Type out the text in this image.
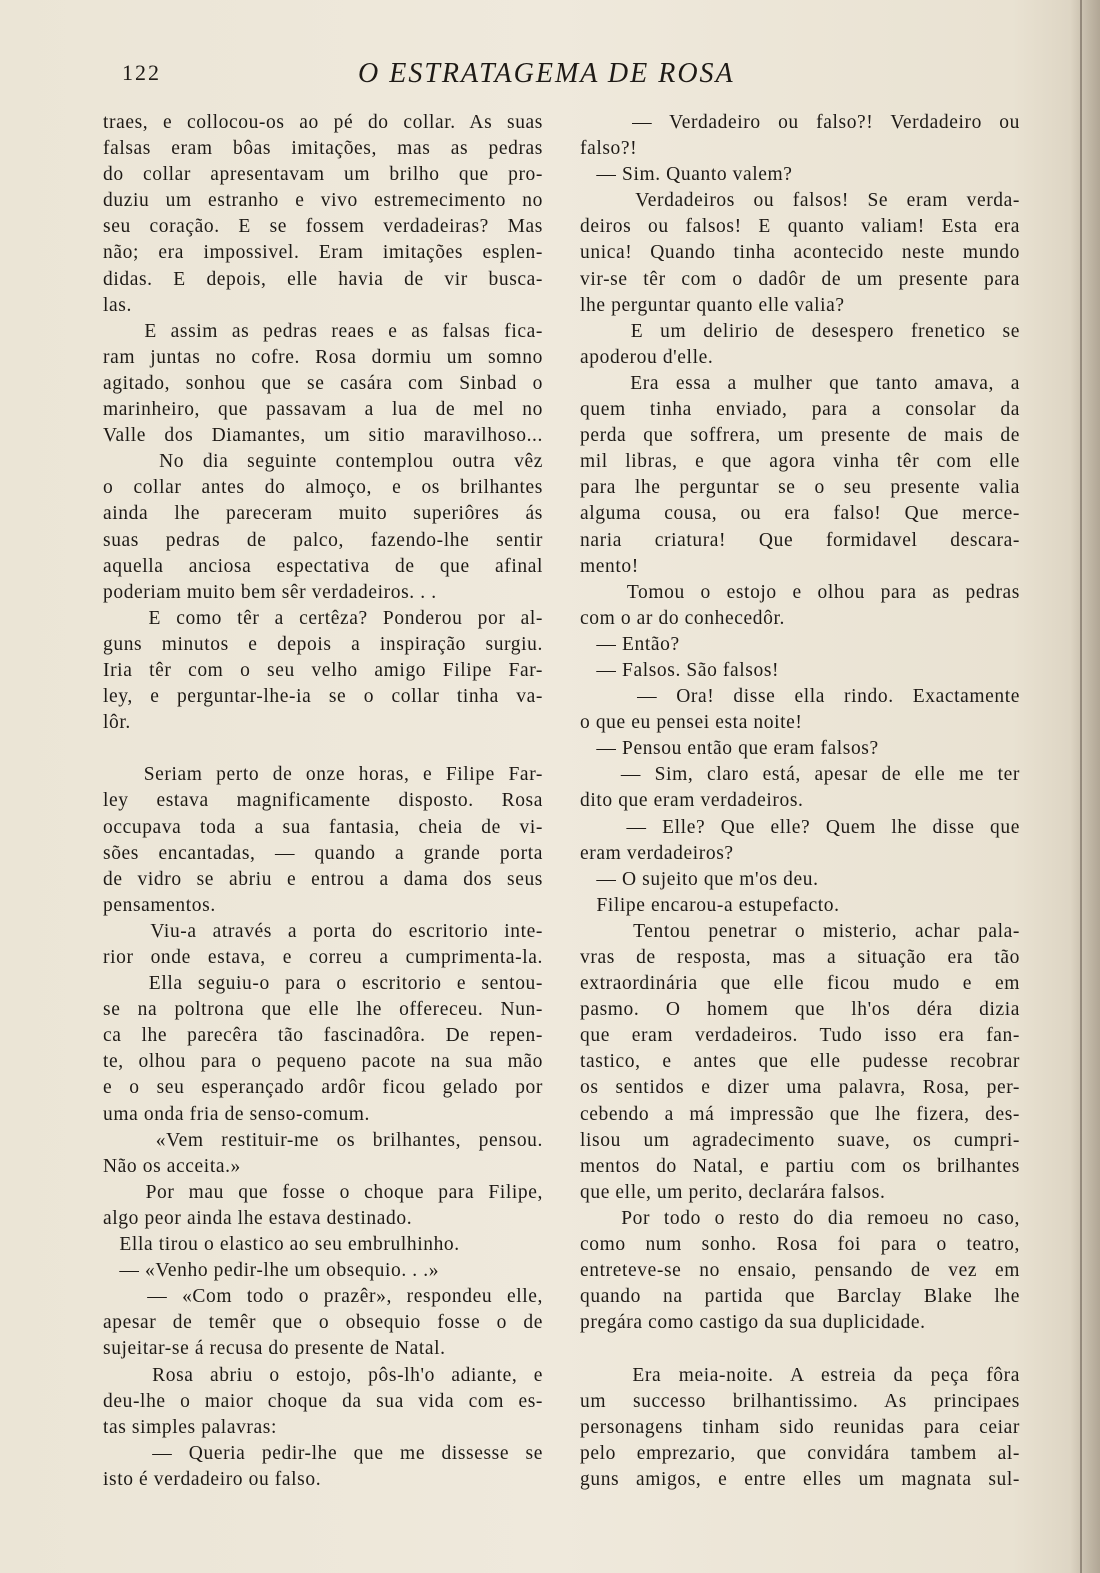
122	O ESTRATAGEMA DE ROSA
traes, e collocou-os ao pé do collar. As suas
falsas eram bôas imitações, mas as pedras
do collar apresentavam um brilho que pro-
duziu um estranho e vivo estremecimento no
seu coração. E se fossem verdadeiras? Mas
não; era impossivel. Eram imitações esplen-
didas. E depois, elle havia de vir busca-
las.
E assim as pedras reaes e as falsas fica-
ram juntas no cofre. Rosa dormiu um somno
agitado, sonhou que se casára com Sinbad o
marinheiro, que passavam a lua de mel no
Valle dos Diamantes, um sitio maravilhoso...
No dia seguinte contemplou outra vêz
o collar antes do almoço, e os brilhantes
ainda lhe pareceram muito superiôres ás
suas pedras de palco, fazendo-lhe sentir
aquella anciosa espectativa de que afinal
poderiam muito bem sêr verdadeiros. . .
E como têr a certêza? Ponderou por al-
guns minutos e depois a inspiração surgiu.
Iria têr com o seu velho amigo Filipe Far-
ley, e perguntar-lhe-ia se o collar tinha va-
lôr.
Seriam perto de onze horas, e Filipe Far-
ley estava magnificamente disposto. Rosa
occupava toda a sua fantasia, cheia de vi-
sões encantadas, — quando a grande porta
de vidro se abriu e entrou a dama dos seus
pensamentos.
Viu-a através a porta do escritorio inte-
rior onde estava, e correu a cumprimenta-la.
Ella seguiu-o para o escritorio e sentou-
se na poltrona que elle lhe offereceu. Nun-
ca lhe parecêra tão fascinadôra. De repen-
te, olhou para o pequeno pacote na sua mão
e o seu esperançado ardôr ficou gelado por
uma onda fria de senso-comum.
«Vem restituir-me os brilhantes, pensou.
Não os acceita.»
Por mau que fosse o choque para Filipe,
algo peor ainda lhe estava destinado.
Ella tirou o elastico ao seu embrulhinho.
— «Venho pedir-lhe um obsequio. . .»
— «Com todo o prazêr», respondeu elle,
apesar de temêr que o obsequio fosse o de
sujeitar-se á recusa do presente de Natal.
Rosa abriu o estojo, pôs-lh'o adiante, e
deu-lhe o maior choque da sua vida com es-
tas simples palavras:
— Queria pedir-lhe que me dissesse se
isto é verdadeiro ou falso.
— Verdadeiro ou falso?! Verdadeiro ou
falso?!
— Sim. Quanto valem?
Verdadeiros ou falsos! Se eram verda-
deiros ou falsos! E quanto valiam! Esta era
unica! Quando tinha acontecido neste mundo
vir-se têr com o dadôr de um presente para
lhe perguntar quanto elle valia?
E um delirio de desespero frenetico se
apoderou d'elle.
Era essa a mulher que tanto amava, a
quem tinha enviado, para a consolar da
perda que soffrera, um presente de mais de
mil libras, e que agora vinha têr com elle
para lhe perguntar se o seu presente valia
alguma cousa, ou era falso! Que merce-
naria criatura! Que formidavel descara-
mento!
Tomou o estojo e olhou para as pedras
com o ar do conhecedôr.
— Então?
— Falsos. São falsos!
— Ora! disse ella rindo. Exactamente
o que eu pensei esta noite!
— Pensou então que eram falsos?
— Sim, claro está, apesar de elle me ter
dito que eram verdadeiros.
— Elle? Que elle? Quem lhe disse que
eram verdadeiros?
— O sujeito que m'os deu.
Filipe encarou-a estupefacto.
Tentou penetrar o misterio, achar pala-
vras de resposta, mas a situação era tão
extraordinária que elle ficou mudo e em
pasmo. O homem que lh'os déra dizia
que eram verdadeiros. Tudo isso era fan-
tastico, e antes que elle pudesse recobrar
os sentidos e dizer uma palavra, Rosa, per-
cebendo a má impressão que lhe fizera, des-
lisou um agradecimento suave, os cumpri-
mentos do Natal, e partiu com os brilhantes
que elle, um perito, declarára falsos.
Por todo o resto do dia remoeu no caso,
como num sonho. Rosa foi para o teatro,
entreteve-se no ensaio, pensando de vez em
quando na partida que Barclay Blake lhe
pregára como castigo da sua duplicidade.
Era meia-noite. A estreia da peça fôra
um successo brilhantissimo. As principaes
personagens tinham sido reunidas para ceiar
pelo emprezario, que convidára tambem al-
guns amigos, e entre elles um magnata sul-
